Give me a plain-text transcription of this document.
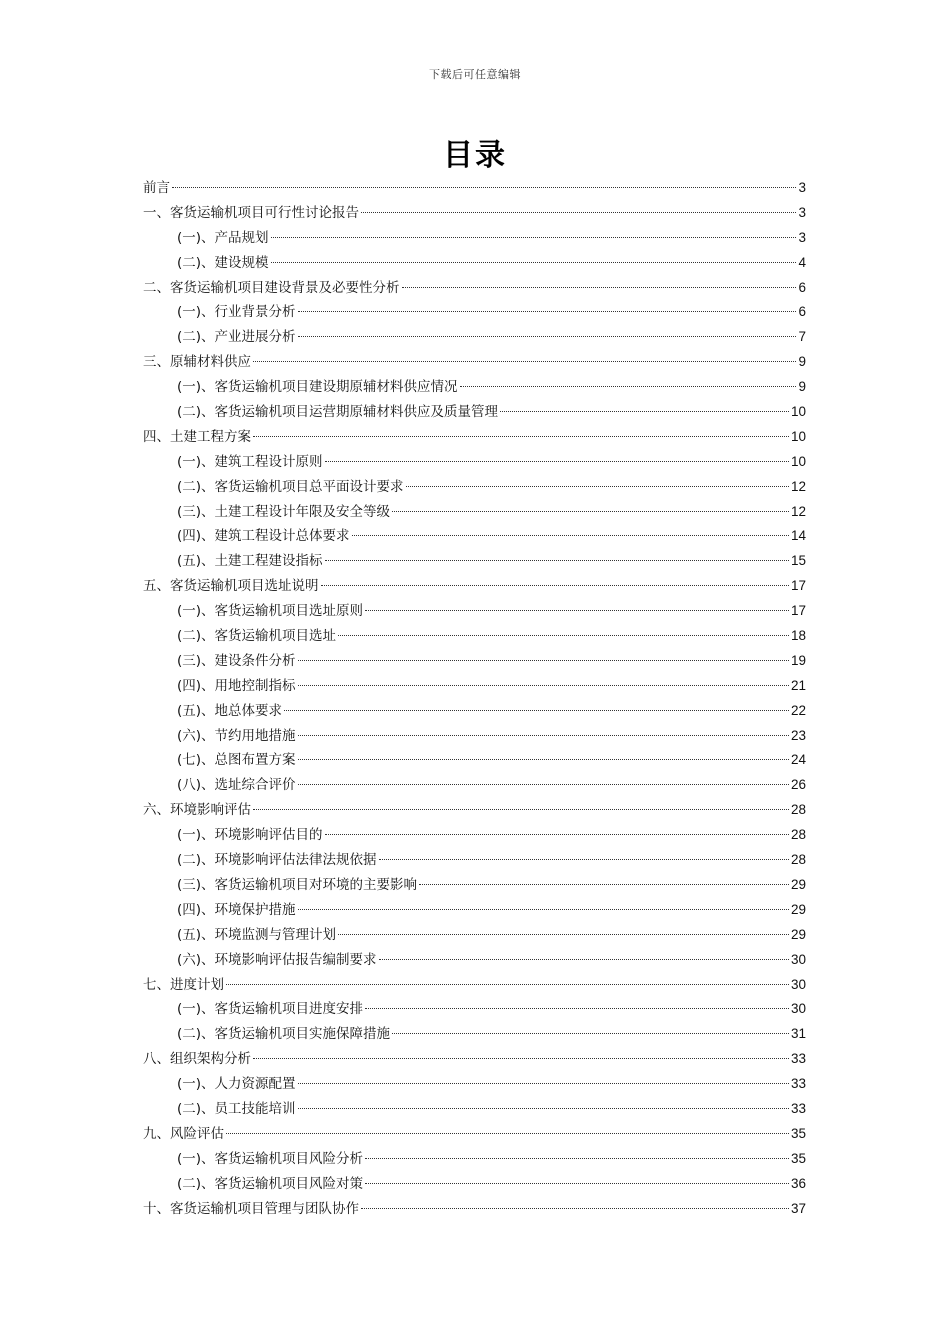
下载后可任意编辑
目录
前言	3
一、客货运输机项目可行性讨论报告	3
(一)、产品规划	3
(二)、建设规模	4
二、客货运输机项目建设背景及必要性分析	6
(一)、行业背景分析	6
(二)、产业进展分析	7
三、原辅材料供应	9
(一)、客货运输机项目建设期原辅材料供应情况	9
(二)、客货运输机项目运营期原辅材料供应及质量管理	10
四、土建工程方案	10
(一)、建筑工程设计原则	10
(二)、客货运输机项目总平面设计要求	12
(三)、土建工程设计年限及安全等级	12
(四)、建筑工程设计总体要求	14
(五)、土建工程建设指标	15
五、客货运输机项目选址说明	17
(一)、客货运输机项目选址原则	17
(二)、客货运输机项目选址	18
(三)、建设条件分析	19
(四)、用地控制指标	21
(五)、地总体要求	22
(六)、节约用地措施	23
(七)、总图布置方案	24
(八)、选址综合评价	26
六、环境影响评估	28
(一)、环境影响评估目的	28
(二)、环境影响评估法律法规依据	28
(三)、客货运输机项目对环境的主要影响	29
(四)、环境保护措施	29
(五)、环境监测与管理计划	29
(六)、环境影响评估报告编制要求	30
七、进度计划	30
(一)、客货运输机项目进度安排	30
(二)、客货运输机项目实施保障措施	31
八、组织架构分析	33
(一)、人力资源配置	33
(二)、员工技能培训	33
九、风险评估	35
(一)、客货运输机项目风险分析	35
(二)、客货运输机项目风险对策	36
十、客货运输机项目管理与团队协作	37
